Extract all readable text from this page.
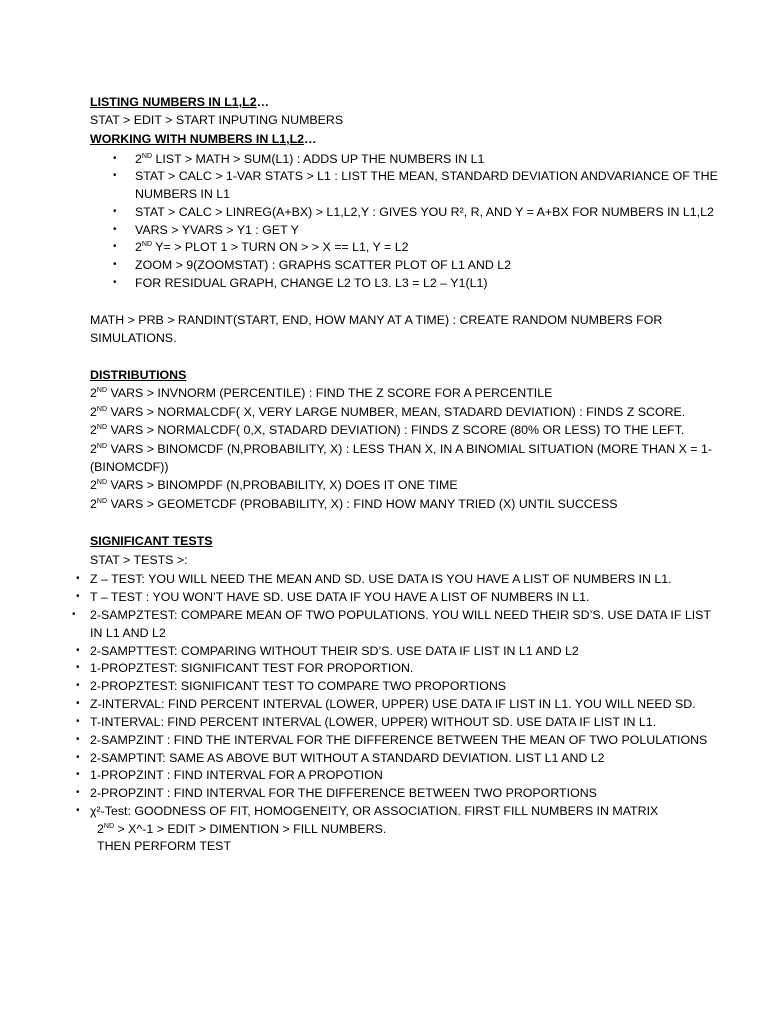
LISTING NUMBERS IN L1,L2…
STAT > EDIT > START INPUTING NUMBERS
WORKING WITH NUMBERS IN L1,L2…
• 2ND LIST > MATH > SUM(L1) : ADDS UP THE NUMBERS IN L1
• STAT > CALC > 1-VAR STATS > L1 : LIST THE MEAN, STANDARD DEVIATION ANDVARIANCE OF THE
NUMBERS IN L1
• STAT > CALC > LINREG(A+BX) > L1,L2,Y : GIVES YOU R², R, AND Y = A+BX FOR NUMBERS IN L1,L2
• VARS > YVARS > Y1 : GET Y
• 2ND Y= > PLOT 1 > TURN ON > > X == L1, Y = L2
• ZOOM > 9(ZOOMSTAT) : GRAPHS SCATTER PLOT OF L1 AND L2
• FOR RESIDUAL GRAPH, CHANGE L2 TO L3. L3 = L2 – Y1(L1)
MATH > PRB > RANDINT(START, END, HOW MANY AT A TIME) : CREATE RANDOM NUMBERS FOR
SIMULATIONS.
DISTRIBUTIONS
2ND VARS > INVNORM (PERCENTILE) : FIND THE Z SCORE FOR A PERCENTILE
2ND VARS > NORMALCDF( X, VERY LARGE NUMBER, MEAN, STADARD DEVIATION) : FINDS Z SCORE.
2ND VARS > NORMALCDF( 0,X, STADARD DEVIATION) : FINDS Z SCORE (80% OR LESS) TO THE LEFT.
2ND VARS > BINOMCDF (N,PROBABILITY, X) : LESS THAN X, IN A BINOMIAL SITUATION (MORE THAN X = 1-
(BINOMCDF))
2ND VARS > BINOMPDF (N,PROBABILITY, X) DOES IT ONE TIME
2ND VARS > GEOMETCDF (PROBABILITY, X) : FIND HOW MANY TRIED (X) UNTIL SUCCESS
SIGNIFICANT TESTS
STAT > TESTS >:
• Z – TEST: YOU WILL NEED THE MEAN AND SD. USE DATA IS YOU HAVE A LIST OF NUMBERS IN L1.
• T – TEST : YOU WON’T HAVE SD. USE DATA IF YOU HAVE A LIST OF NUMBERS IN L1.
• 2-SAMPZTEST: COMPARE MEAN OF TWO POPULATIONS. YOU WILL NEED THEIR SD’S. USE DATA IF LIST
IN L1 AND L2
• 2-SAMPTTEST: COMPARING WITHOUT THEIR SD’S. USE DATA IF LIST IN L1 AND L2
• 1-PROPZTEST: SIGNIFICANT TEST FOR PROPORTION.
• 2-PROPZTEST: SIGNIFICANT TEST TO COMPARE TWO PROPORTIONS
• Z-INTERVAL: FIND PERCENT INTERVAL (LOWER, UPPER) USE DATA IF LIST IN L1. YOU WILL NEED SD.
• T-INTERVAL: FIND PERCENT INTERVAL (LOWER, UPPER) WITHOUT SD. USE DATA IF LIST IN L1.
• 2-SAMPZINT : FIND THE INTERVAL FOR THE DIFFERENCE BETWEEN THE MEAN OF TWO POLULATIONS
• 2-SAMPTINT: SAME AS ABOVE BUT WITHOUT A STANDARD DEVIATION. LIST L1 AND L2
• 1-PROPZINT : FIND INTERVAL FOR A PROPOTION
• 2-PROPZINT : FIND INTERVAL FOR THE DIFFERENCE BETWEEN TWO PROPORTIONS
• χ²-Test: GOODNESS OF FIT, HOMOGENEITY, OR ASSOCIATION. FIRST FILL NUMBERS IN MATRIX
2ND > X^-1 > EDIT > DIMENTION > FILL NUMBERS.
THEN PERFORM TEST
